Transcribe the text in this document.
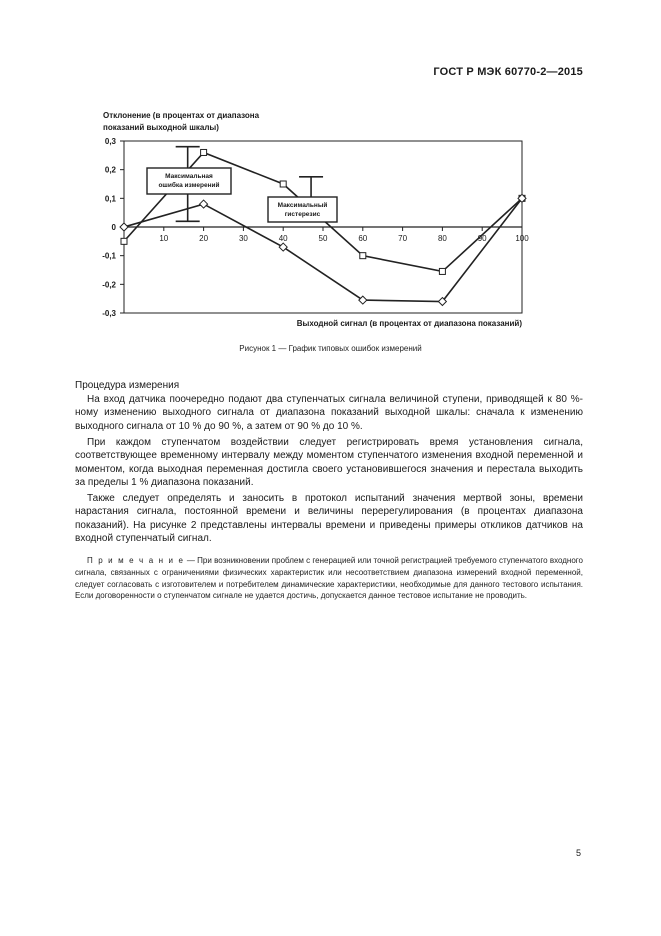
ГОСТ Р МЭК 60770-2—2015
Отклонение (в процентах от диапазона
показаний выходной шкалы)
0,3
0,2
0,1
0
-0,1
-0,2
-0,3
10	20	30	40	50	60	70	80	90	100
Выходной сигнал (в процентах от диапазона показаний)
Максимальная
ошибка измерений
Максимальный
гистерезис
Рисунок 1 — График типовых ошибок измерений
Процедура измерения

На вход датчика поочередно подают два ступенчатых сигнала величиной ступени, приводящей к 80 %-ному изменению выходного сигнала от диапазона показаний выходной шкалы: сначала к изменению выходного сигнала от 10 % до 90 %, а затем от 90 % до 10 %.

При каждом ступенчатом воздействии следует регистрировать время установления сигнала, соответствующее временному интервалу между моментом ступенчатого изменения входной переменной и моментом, когда выходная переменная достигла своего установившегося значения и перестала выходить за пределы 1 % диапазона показаний.

Также следует определять и заносить в протокол испытаний значения мертвой зоны, времени нарастания сигнала, постоянной времени и величины перерегулирования (в процентах диапазона показаний). На рисунке 2 представлены интервалы времени и приведены примеры откликов датчиков на входной ступенчатый сигнал.

П р и м е ч а н и е — При возникновении проблем с генерацией или точной регистрацией требуемого ступенчатого входного сигнала, связанных с ограничениями физических характеристик или несоответствием диапазона измерений входной переменной, следует согласовать с изготовителем и потребителем динамические характеристики, необходимые для данного тестового испытания. Если договоренности о ступенчатом сигнале не удается достичь, допускается данное тестовое испытание не проводить.
5
